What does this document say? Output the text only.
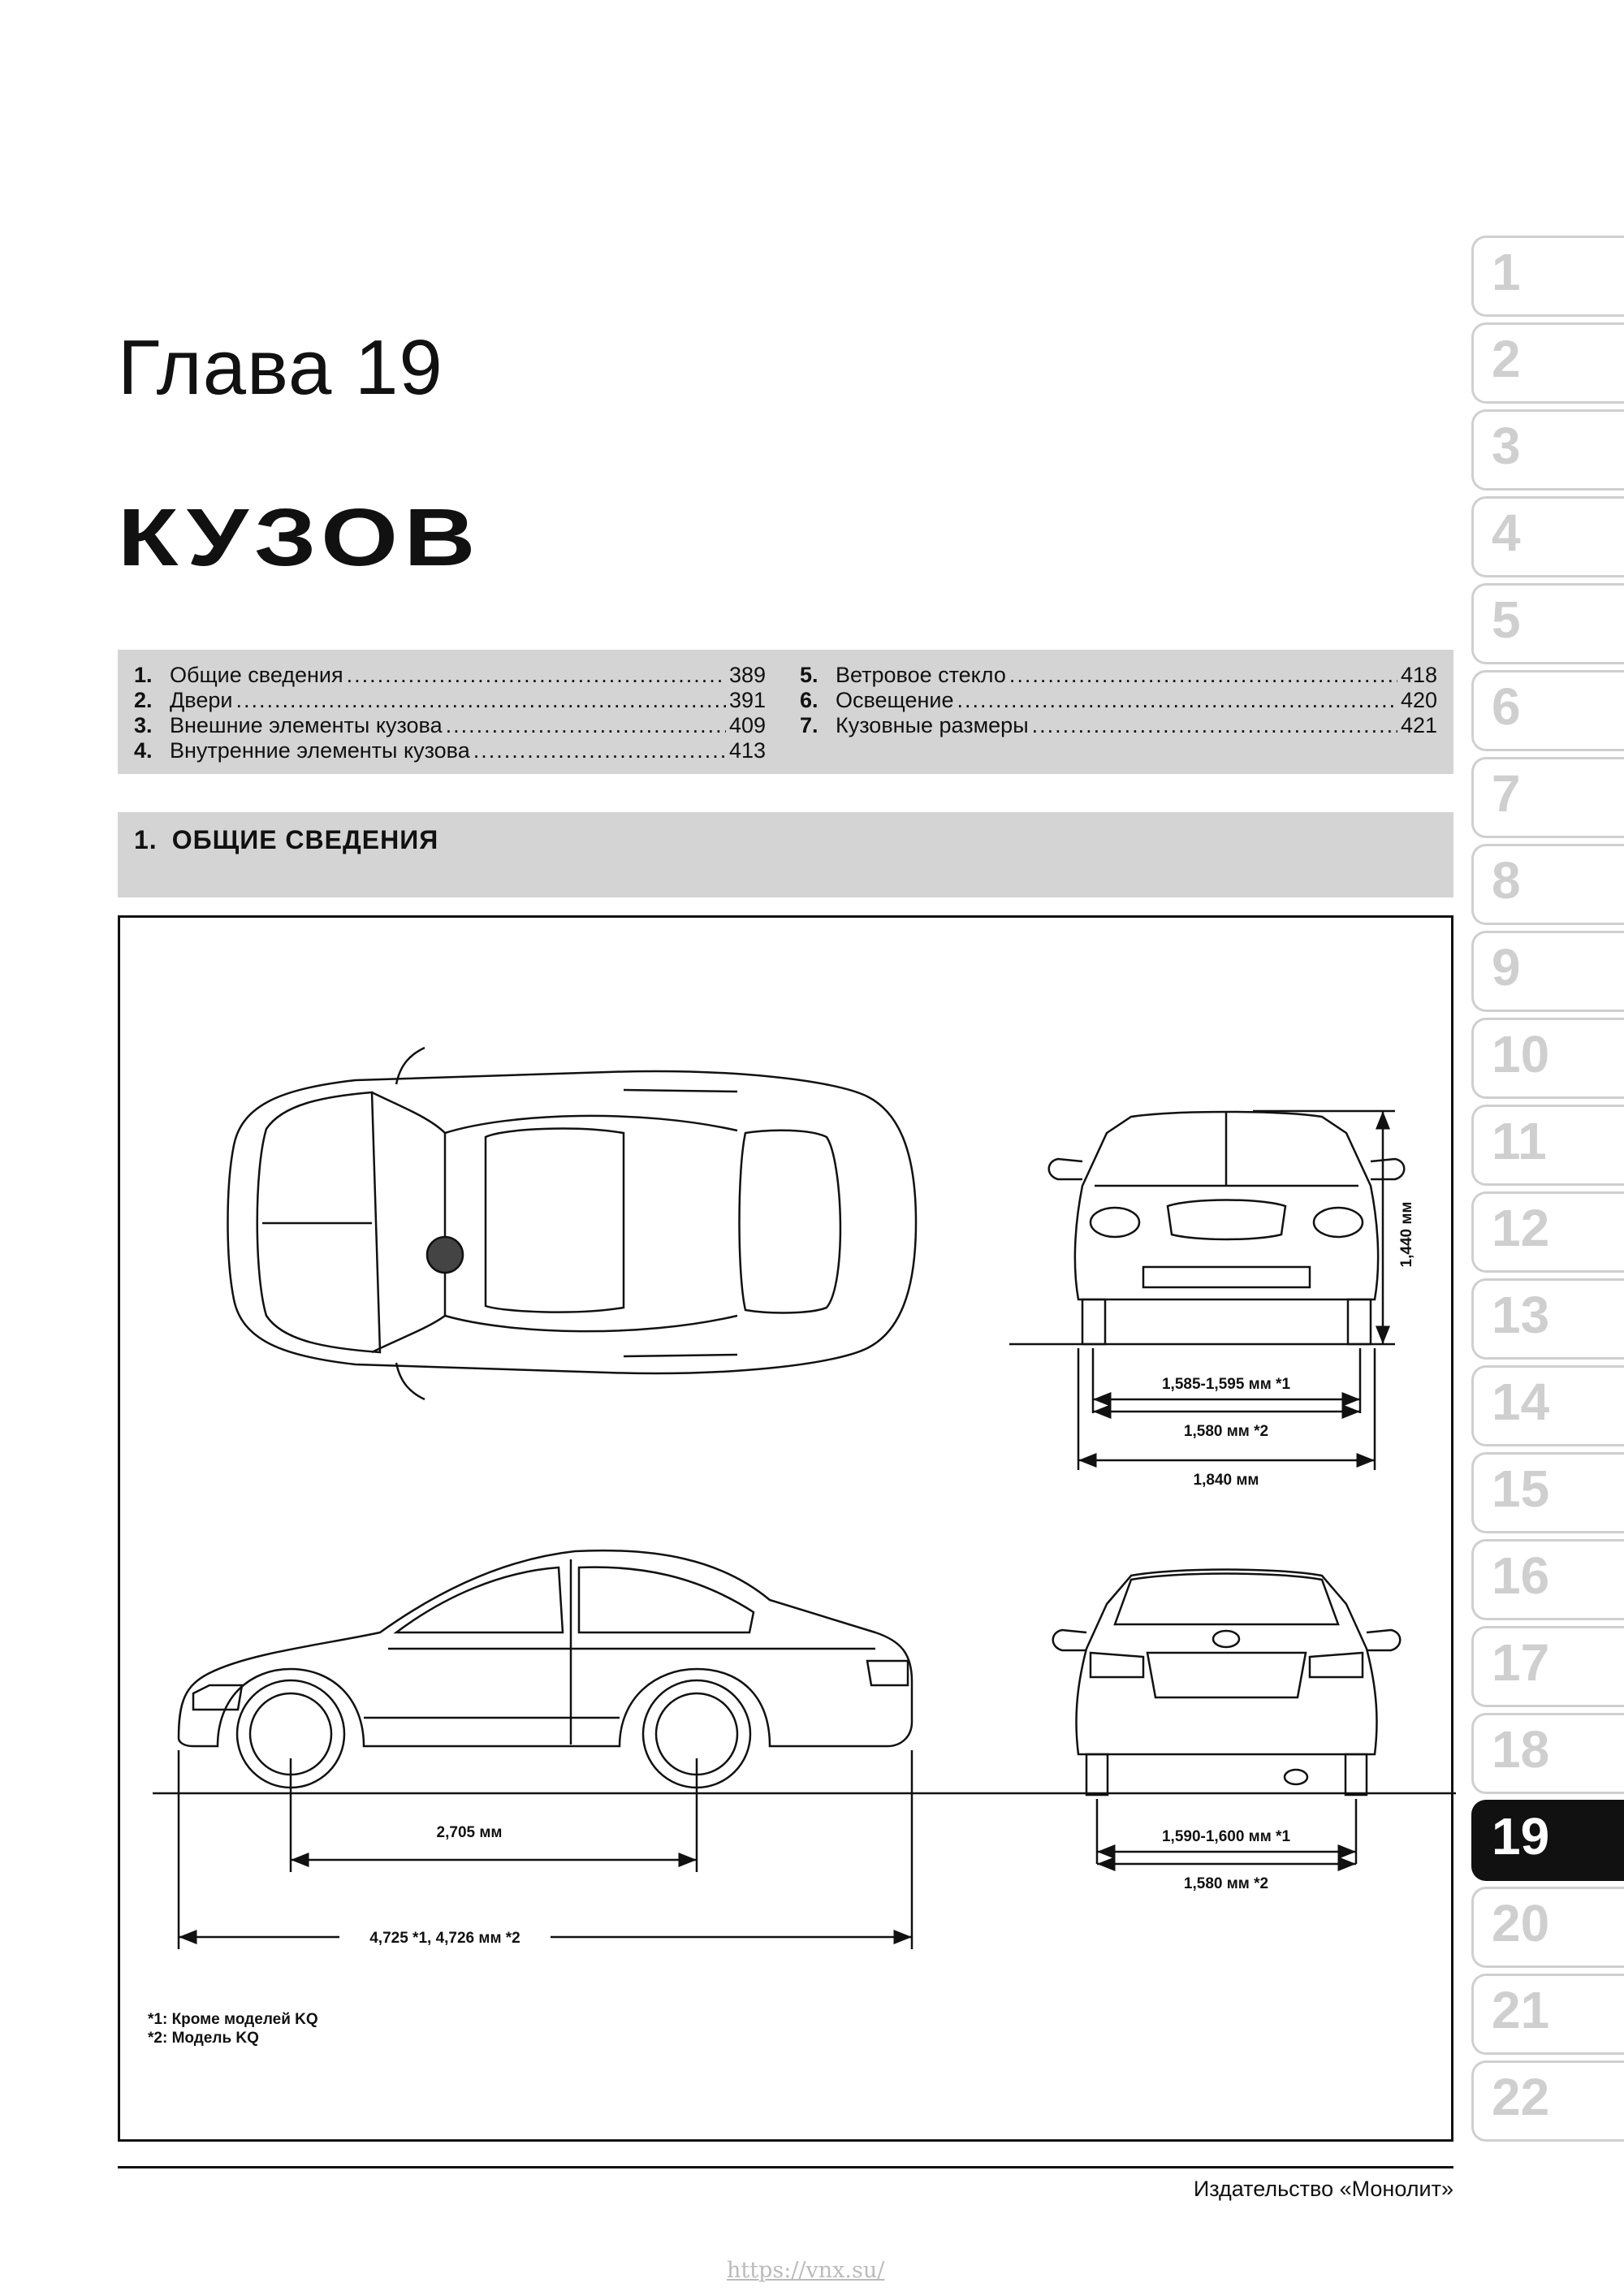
Глава 19
КУЗОВ
1. Общие сведения .....	389
2. Двери .....	391
3. Внешние элементы кузова .....	409
4. Внутренние элементы кузова .....	413
5. Ветровое стекло .....	418
6. Освещение .....	420
7. Кузовные размеры .....	421
1. ОБЩИЕ СВЕДЕНИЯ
1,440 мм
1,585-1,595 мм *1
1,580 мм *2
1,840 мм
2,705 мм
4,725 *1, 4,726 мм *2
1,590-1,600 мм *1
1,580 мм *2
*1: Кроме моделей KQ
*2: Модель KQ
Издательство «Монолит»
https://vnx.su/
1
2
3
4
5
6
7
8
9
10
11
12
13
14
15
16
17
18
19
20
21
22
